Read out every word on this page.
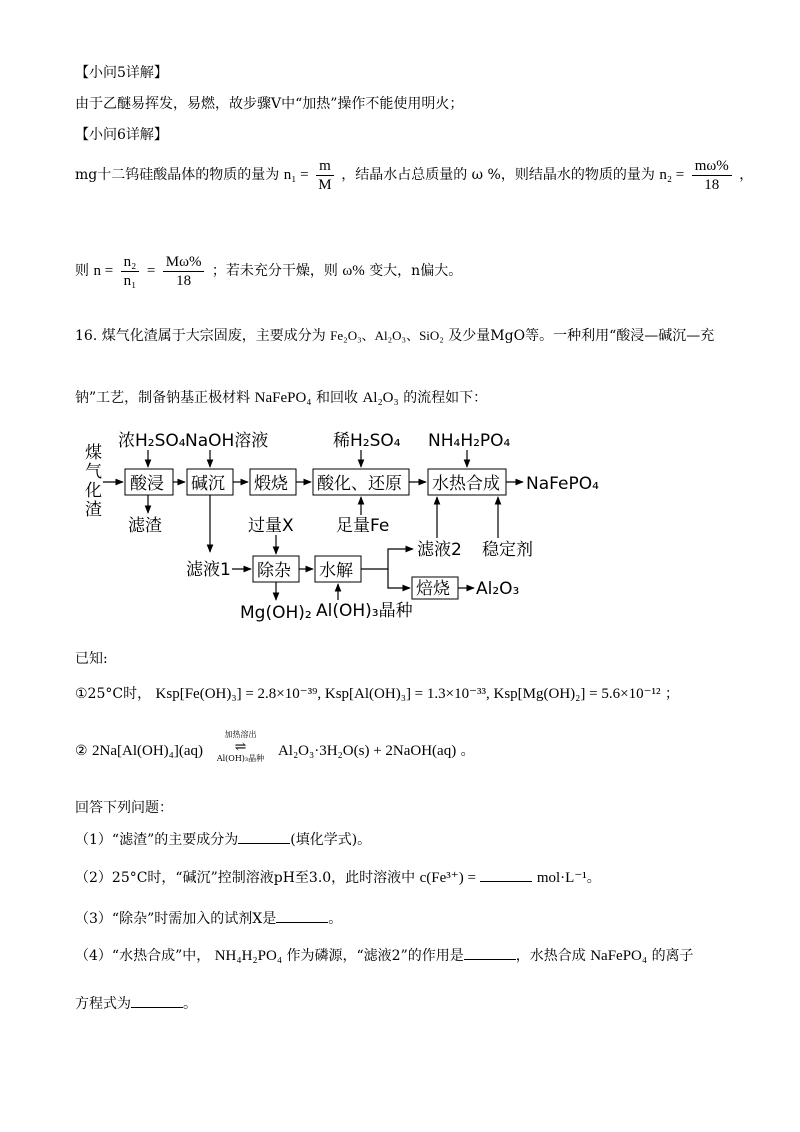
【小问5详解】
由于乙醚易挥发，易燃，故步骤Ⅴ中“加热”操作不能使用明火；
【小问6详解】
mg十二钨硅酸晶体的物质的量为 $n_1 = \frac{m}{M}$ ，结晶水占总质量的 ω %，则结晶水的物质的量为 $n_2 = \frac{m\omega\%}{18}$ ，
则 $n = \frac{\text{n₂}}{\text{n₁}} = \frac{M\omega\%}{18}$ ；若未充分干燥，则 ω% 变大，n偏大。
16. 煤气化渣属于大宗固废，主要成分为 Fe₂O₃、Al₂O₃、SiO₂ 及少量MgO等。一种利用“酸浸—碱沉—充
钠”工艺，制备钠基正极材料 NaFePO₄ 和回收 Al₂O₃ 的流程如下：
煤
气
化
渣
浓H₂SO₄ NaOH溶液	稀H₂SO₄ NH₄H₂PO₄
酸浸 碱沉 煅烧 酸化、还原 水热合成 NaFePO₄
滤渣	过量X 足量Fe
滤液1 除杂 水解
滤液2 稳定剂
焙烧 Al₂O₃
Mg(OH)₂ Al(OH)₃晶种
已知:
①25°C时， Ksp[Fe(OH)₃] = 2.8×10⁻³⁹, Ksp[Al(OH)₃] = 1.3×10⁻³³, Ksp[Mg(OH)₂] = 5.6×10⁻¹² ；
② 2Na[Al(OH)₄](aq)
加热溶出
⇌
Al(OH)₃晶种 Al₂O₃·3H₂O(s) + 2NaOH(aq) 。
回答下列问题：
（1）“滤渣”的主要成分为	(填化学式)。
（2）25°C时，“碱沉”控制溶液pH至3.0，此时溶液中 c(Fe³⁺) =	mol·L⁻¹。
（3）“除杂”时需加入的试剂X是	。
（4）“水热合成”中， NH₄H₂PO₄ 作为磷源，“滤液2”的作用是	，水热合成 NaFePO₄ 的离子
方程式为	。
